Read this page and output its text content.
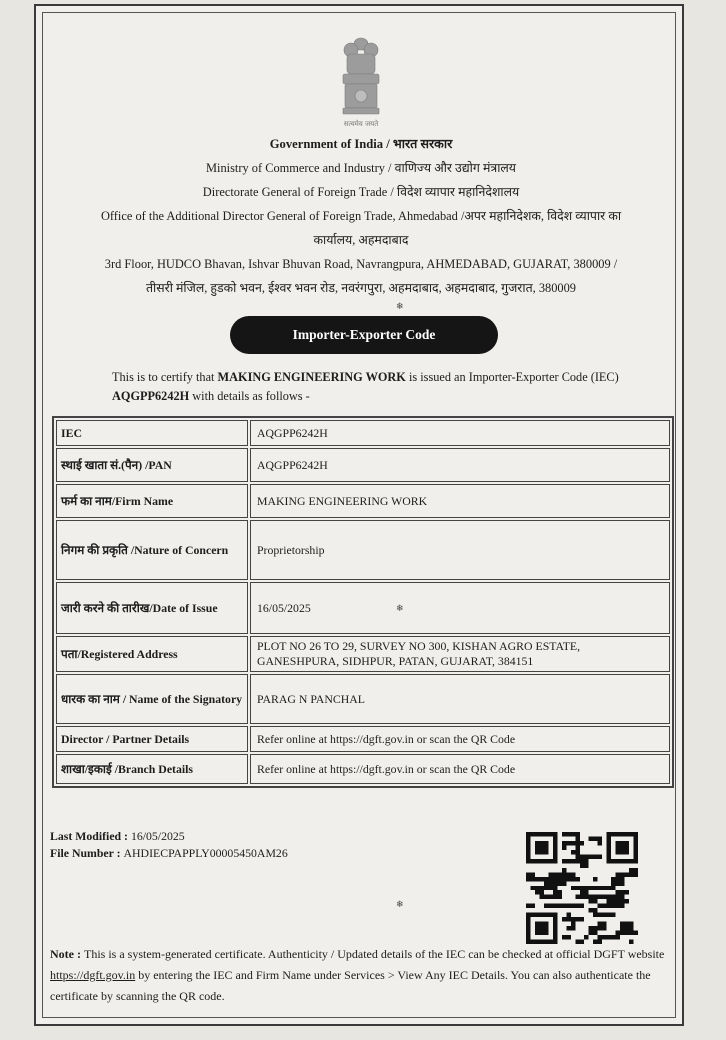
सत्यमेव जयते
Government of India / भारत सरकार
Ministry of Commerce and Industry / वाणिज्य और उद्योग मंत्रालय
Directorate General of Foreign Trade / विदेश व्यापार महानिदेशालय
Office of the Additional Director General of Foreign Trade, Ahmedabad /अपर महानिदेशक, विदेश व्यापार का
कार्यालय, अहमदाबाद
3rd Floor, HUDCO Bhavan, Ishvar Bhuvan Road, Navrangpura, AHMEDABAD, GUJARAT, 380009 /
तीसरी मंजिल, हुडको भवन, ईश्वर भवन रोड, नवरंगपुरा, अहमदाबाद, अहमदाबाद, गुजरात, 380009
Importer-Exporter Code
This is to certify that MAKING ENGINEERING WORK is issued an Importer-Exporter Code (IEC) AQGPP6242H with details as follows -
IEC	AQGPP6242H
स्थाई खाता सं.(पैन) /PAN	AQGPP6242H
फर्म का नाम/Firm Name	MAKING ENGINEERING WORK
निगम की प्रकृति /Nature of Concern	Proprietorship
जारी करने की तारीख/Date of Issue	16/05/2025
पता/Registered Address	PLOT NO 26 TO 29, SURVEY NO 300, KISHAN AGRO ESTATE, GANESHPURA, SIDHPUR, PATAN, GUJARAT, 384151
धारक का नाम / Name of the Signatory	PARAG N PANCHAL
Director / Partner Details	Refer online at https://dgft.gov.in or scan the QR Code
शाखा/इकाई /Branch Details	Refer online at https://dgft.gov.in or scan the QR Code
Last Modified : 16/05/2025
File Number : AHDIECPAPPLY00005450AM26
Note : This is a system-generated certificate. Authenticity / Updated details of the IEC can be checked at official DGFT website https://dgft.gov.in by entering the IEC and Firm Name under Services > View Any IEC Details. You can also authenticate the certificate by scanning the QR code.
❄
❄
❄
